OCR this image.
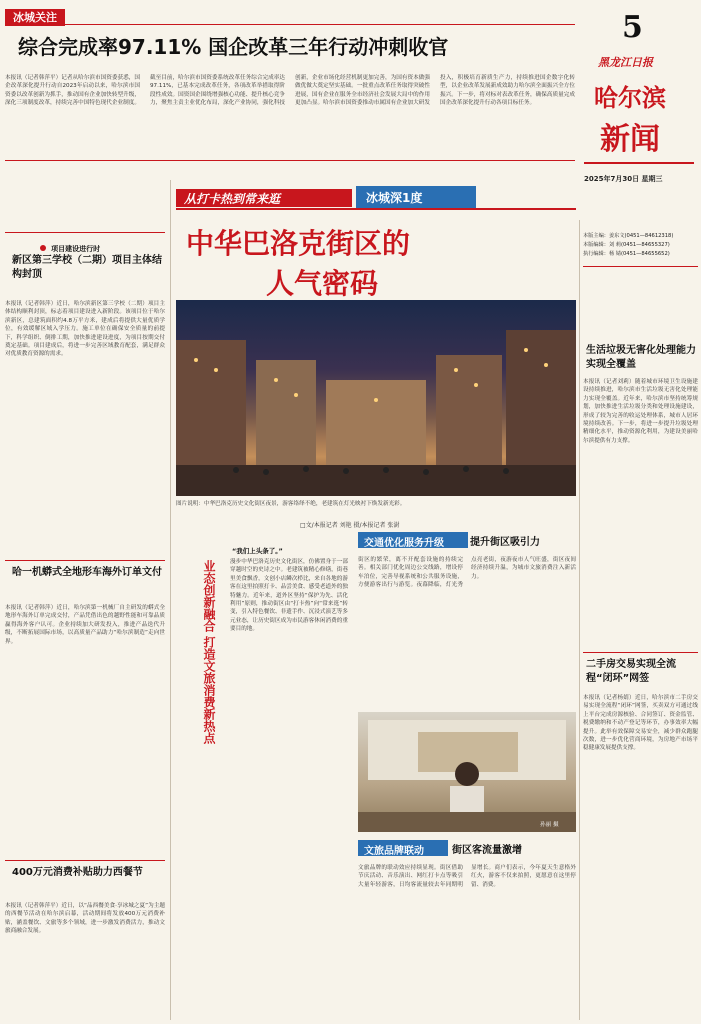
5
黑龙江日报
哈尔滨
新闻
2025年7月30日 星期三
冰城关注
综合完成率97.11% 国企改革三年行动冲刺收官
本报讯（记者韩萍平）记者从哈尔滨市国资委获悉，国企改革深化提升行动自2023年启动以来，哈尔滨市国资委以改革创新为抓手，推动国有企业加快转型升级，深化三项制度改革，持续完善中国特色现代企业制度。截至目前，哈尔滨市国资委系统改革任务综合完成率达97.11%，已基本完成改革任务，各项改革举措取得阶段性成效。国资国企围绕增强核心功能、提升核心竞争力，聚焦主责主业优化布局，深化产业协同，强化科技创新，企业市场化经营机制更加完善，为国有资本做强做优做大奠定坚实基础。一批重点改革任务取得突破性进展，国有企业在服务全市经济社会发展大局中的作用更加凸显。哈尔滨市国资委推动市属国有企业加大研发投入，积极培育新质生产力，持续推进国企数字化转型，以企业改革发展新成效助力哈尔滨全面振兴全方位振兴。下一步，将对标对表改革任务，确保高质量完成国企改革深化提升行动各项目标任务。
从打卡热到常来逛	冰城深1度
中华巴洛克街区的
人气密码
图片说明：中华巴洛克历史文化街区夜景，游客络绎不绝，老建筑在灯光映衬下焕发新光彩。
□文/本报记者 刘艳 摄/本报记者 张澍
业态创新融合 打造文旅消费新热点
“我们上头条了。”
漫步中华巴洛克历史文化街区，仿佛置身于一部穿越时空的史诗之中。老建筑被精心修缮，街巷里美食飘香，文创小店鳞次栉比，来自各地的游客在这里拍照打卡、品尝美食、感受老道外的独特魅力。近年来，道外区坚持“保护为先、活化利用”原则，推动街区由“打卡热”向“常来逛”转变，引入特色餐饮、非遗手作、沉浸式演艺等多元业态，让历史街区成为市民游客休闲消费的重要目的地。
交通优化服务升级	提升街区吸引力
街区的繁荣，离不开配套设施的持续完善。相关部门优化周边公交线路，增设停车泊位，完善导视系统和公共服务设施，方便游客出行与游览。夜幕降临，灯光秀点亮老街，夜游夜市人气旺盛，街区夜间经济持续升温，为城市文旅消费注入新活力。
孙丽 摄
文旅品牌联动	街区客流量激增
文旅品牌的联动效应持续显现。街区借助节庆活动、音乐演出、网红打卡点等吸引大量年轻游客，日均客流量较去年同期明显增长。商户们表示，今年夏天生意格外红火，游客不仅来拍照，更愿意在这里停留、消费。
项目建设进行时
新区第三学校（二期）项目主体结构封顶
本报讯（记者韩萍）近日，哈尔滨新区第三学校（二期）项目主体结构顺利封顶，标志着项目建设进入新阶段。该项目位于哈尔滨新区，总建筑面积约4.8万平方米，建成后将提供大量优质学位，有效缓解区域入学压力。施工单位在确保安全质量的前提下，科学组织、倒排工期，加快推进建设进度，为项目按期交付奠定基础。项目建成后，将进一步完善区域教育配套，满足群众对优质教育资源的需求。
哈一机蟒式全地形车海外订单文付
本报讯（记者韩萍）近日，哈尔滨第一机械厂自主研发的蟒式全地形车海外订单完成交付，产品凭借出色的越野性能和可靠品质赢得海外客户认可。企业持续加大研发投入，推进产品迭代升级，不断拓展国际市场，以高质量产品助力“哈尔滨制造”走向世界。
400万元消费补贴助力西餐节
本报讯（记者韩萍平）近日，以“品西餐美食·享冰城之夏”为主题的西餐节活动在哈尔滨启幕，活动期间将发放400万元消费补贴，涵盖餐饮、文旅等多个领域，进一步激发消费活力，推动文旅商融合发展。
本版主编：姜东文(0451—84612318)
本版编辑：刘 莉(0451—84655327)
执行编辑：杨 婧(0451—84655652)
生活垃圾无害化处理能力实现全覆盖
本报讯（记者刘莉）随着城市环境卫生设施建设持续推进，哈尔滨市生活垃圾无害化处理能力实现全覆盖。近年来，哈尔滨市坚持统筹规划，加快推进生活垃圾分类和处理设施建设，形成了较为完善的收运处理体系，城市人居环境持续改善。下一步，将进一步提升垃圾处理精细化水平，推动资源化利用，为建设美丽哈尔滨提供有力支撑。
二手房交易实现全流程“闭环”网签
本报讯（记者杨婧）近日，哈尔滨市二手房交易实现全流程“闭环”网签，买卖双方可通过线上平台完成房源核验、合同签订、资金监管、税费缴纳和不动产登记等环节，办事效率大幅提升。此举有效保障交易安全，减少群众跑腿次数，进一步优化营商环境，为房地产市场平稳健康发展提供支撑。
